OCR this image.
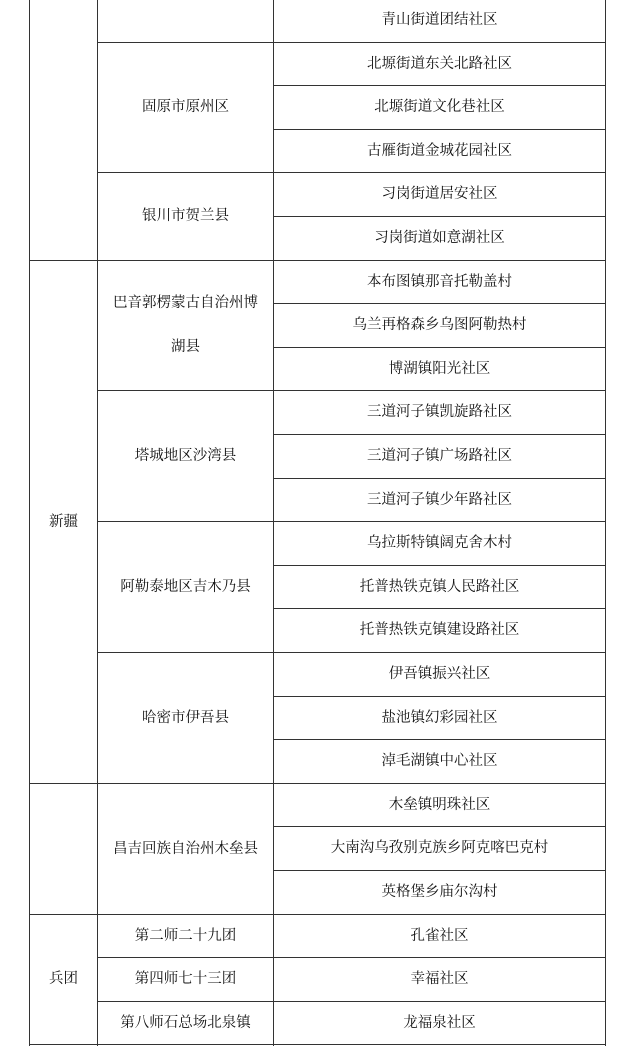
青山街道团结社区
北塬街道东关北路社区
北塬街道文化巷社区
古雁街道金城花园社区
固原市原州区
习岗街道居安社区
习岗街道如意湖社区
银川市贺兰县
本布图镇那音托勒盖村
乌兰再格森乡乌图阿勒热村
博湖镇阳光社区
巴音郭楞蒙古自治州博湖县
三道河子镇凯旋路社区
三道河子镇广场路社区
三道河子镇少年路社区
塔城地区沙湾县
乌拉斯特镇阔克舍木村
托普热铁克镇人民路社区
托普热铁克镇建设路社区
阿勒泰地区吉木乃县
伊吾镇振兴社区
盐池镇幻彩园社区
淖毛湖镇中心社区
哈密市伊吾县
新疆
木垒镇明珠社区
大南沟乌孜别克族乡阿克喀巴克村
英格堡乡庙尔沟村
昌吉回族自治州木垒县
孔雀社区
第二师二十九团
幸福社区
第四师七十三团
龙福泉社区
第八师石总场北泉镇
兵团
